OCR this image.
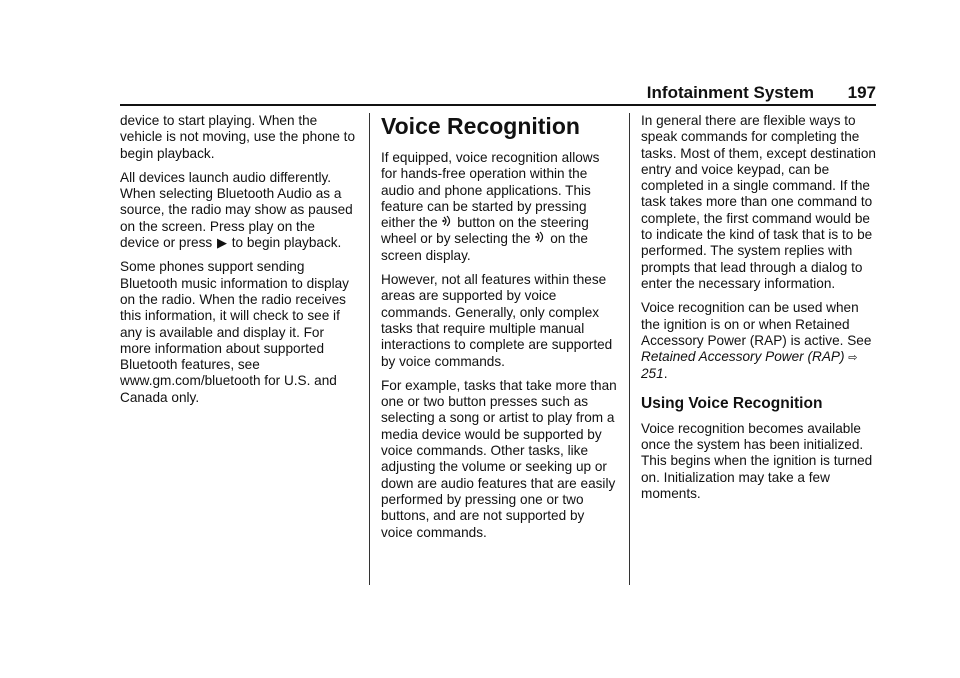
Infotainment System 197

device to start playing. When the vehicle is not moving, use the phone to begin playback.

All devices launch audio differently. When selecting Bluetooth Audio as a source, the radio may show as paused on the screen. Press play on the device or press ▶ to begin playback.

Some phones support sending Bluetooth music information to display on the radio. When the radio receives this information, it will check to see if any is available and display it. For more information about supported Bluetooth features, see www.gm.com/bluetooth for U.S. and Canada only.

Voice Recognition

If equipped, voice recognition allows for hands-free operation within the audio and phone applications. This feature can be started by pressing either the button on the steering wheel or by selecting the on the screen display.

However, not all features within these areas are supported by voice commands. Generally, only complex tasks that require multiple manual interactions to complete are supported by voice commands.

For example, tasks that take more than one or two button presses such as selecting a song or artist to play from a media device would be supported by voice commands. Other tasks, like adjusting the volume or seeking up or down are audio features that are easily performed by pressing one or two buttons, and are not supported by voice commands.

In general there are flexible ways to speak commands for completing the tasks. Most of them, except destination entry and voice keypad, can be completed in a single command. If the task takes more than one command to complete, the first command would be to indicate the kind of task that is to be performed. The system replies with prompts that lead through a dialog to enter the necessary information.

Voice recognition can be used when the ignition is on or when Retained Accessory Power (RAP) is active. See Retained Accessory Power (RAP) ⇨ 251.

Using Voice Recognition

Voice recognition becomes available once the system has been initialized. This begins when the ignition is turned on. Initialization may take a few moments.
